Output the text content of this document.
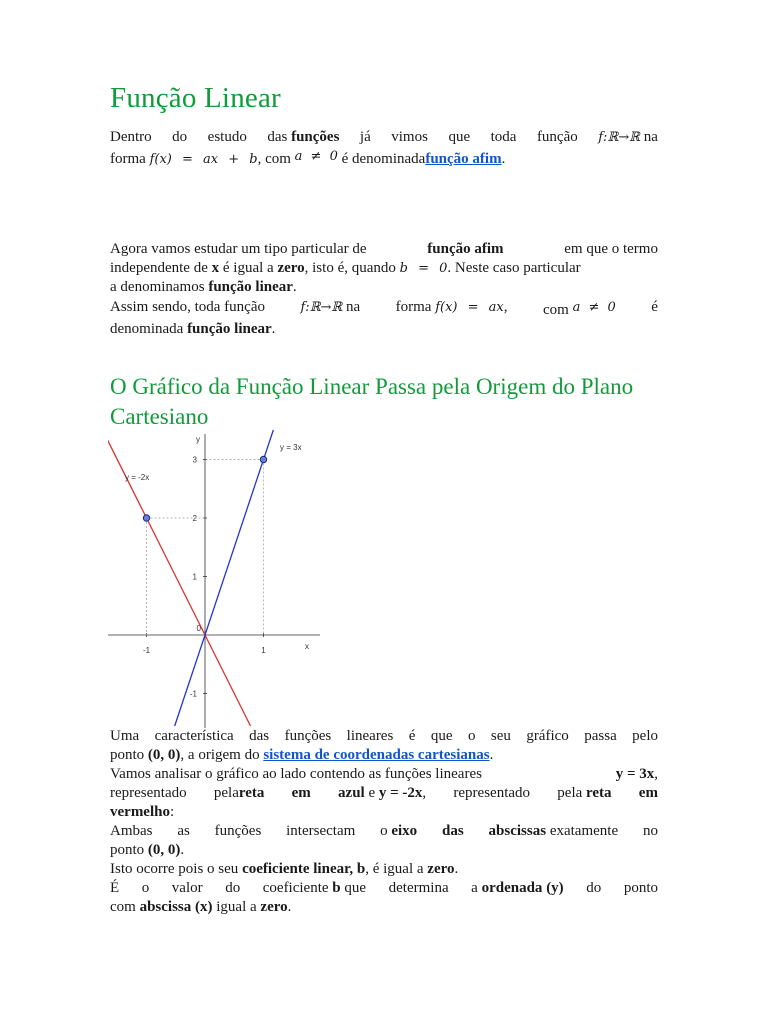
Função Linear
Dentro do estudo das funções já vimos que toda função f:ℝ→ℝ na
forma f(x) = ax + b, com a ≠ 0 é denominadafunção afim.
Agora vamos estudar um tipo particular de	função afim	em que o termo
independente de x é igual a zero, isto é, quando b = 0. Neste caso particular
a denominamos função linear.
Assim sendo, toda função	f:ℝ→ℝ na forma f(x) = ax, com a ≠ 0 é
denominada função linear.
O Gráfico da Função Linear Passa pela Origem do Plano Cartesiano
Uma característica das funções lineares é que o seu gráfico passa pelo
ponto (0, 0), a origem do sistema de coordenadas cartesianas.
Vamos analisar o gráfico ao lado contendo as funções lineares	y = 3x,
representado pelareta em azul e y = -2x, representado pela reta em
vermelho:
Ambas as funções intersectam o eixo das abscissas exatamente no
ponto (0, 0).
Isto ocorre pois o seu coeficiente linear, b, é igual a zero.
É o valor do coeficiente b que determina a ordenada (y) do ponto
com abscissa (x) igual a zero.
y
x
0
-1	1
-1
1
2
3
y = 3x
y = -2x
